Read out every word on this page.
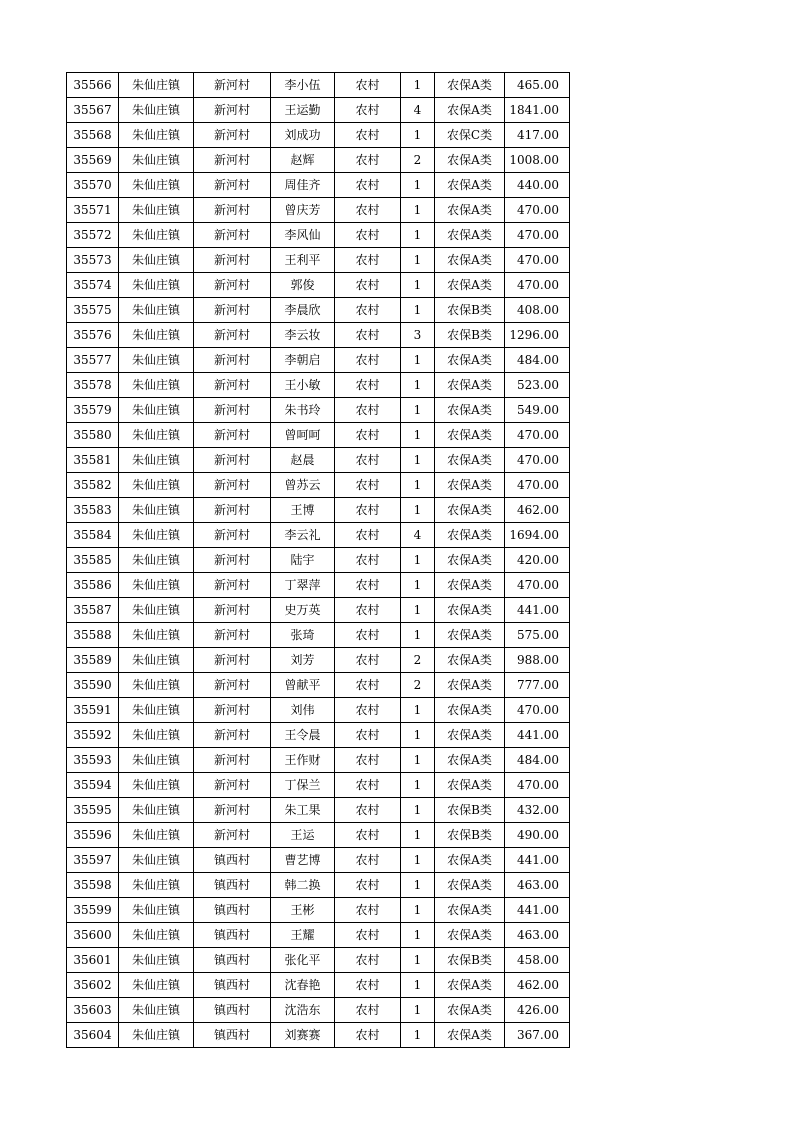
35566	朱仙庄镇	新河村	李小伍	农村	1	农保A类	465.00
35567	朱仙庄镇	新河村	王运勤	农村	4	农保A类	1841.00
35568	朱仙庄镇	新河村	刘成功	农村	1	农保C类	417.00
35569	朱仙庄镇	新河村	赵辉	农村	2	农保A类	1008.00
35570	朱仙庄镇	新河村	周佳齐	农村	1	农保A类	440.00
35571	朱仙庄镇	新河村	曾庆芳	农村	1	农保A类	470.00
35572	朱仙庄镇	新河村	李风仙	农村	1	农保A类	470.00
35573	朱仙庄镇	新河村	王利平	农村	1	农保A类	470.00
35574	朱仙庄镇	新河村	郭俊	农村	1	农保A类	470.00
35575	朱仙庄镇	新河村	李晨欣	农村	1	农保B类	408.00
35576	朱仙庄镇	新河村	李云妆	农村	3	农保B类	1296.00
35577	朱仙庄镇	新河村	李朝启	农村	1	农保A类	484.00
35578	朱仙庄镇	新河村	王小敏	农村	1	农保A类	523.00
35579	朱仙庄镇	新河村	朱书玲	农村	1	农保A类	549.00
35580	朱仙庄镇	新河村	曾呵呵	农村	1	农保A类	470.00
35581	朱仙庄镇	新河村	赵晨	农村	1	农保A类	470.00
35582	朱仙庄镇	新河村	曾苏云	农村	1	农保A类	470.00
35583	朱仙庄镇	新河村	王博	农村	1	农保A类	462.00
35584	朱仙庄镇	新河村	李云礼	农村	4	农保A类	1694.00
35585	朱仙庄镇	新河村	陆宇	农村	1	农保A类	420.00
35586	朱仙庄镇	新河村	丁翠萍	农村	1	农保A类	470.00
35587	朱仙庄镇	新河村	史万英	农村	1	农保A类	441.00
35588	朱仙庄镇	新河村	张琦	农村	1	农保A类	575.00
35589	朱仙庄镇	新河村	刘芳	农村	2	农保A类	988.00
35590	朱仙庄镇	新河村	曾献平	农村	2	农保A类	777.00
35591	朱仙庄镇	新河村	刘伟	农村	1	农保A类	470.00
35592	朱仙庄镇	新河村	王令晨	农村	1	农保A类	441.00
35593	朱仙庄镇	新河村	王作财	农村	1	农保A类	484.00
35594	朱仙庄镇	新河村	丁保兰	农村	1	农保A类	470.00
35595	朱仙庄镇	新河村	朱工果	农村	1	农保B类	432.00
35596	朱仙庄镇	新河村	王运	农村	1	农保B类	490.00
35597	朱仙庄镇	镇西村	曹艺博	农村	1	农保A类	441.00
35598	朱仙庄镇	镇西村	韩二换	农村	1	农保A类	463.00
35599	朱仙庄镇	镇西村	王彬	农村	1	农保A类	441.00
35600	朱仙庄镇	镇西村	王耀	农村	1	农保A类	463.00
35601	朱仙庄镇	镇西村	张化平	农村	1	农保B类	458.00
35602	朱仙庄镇	镇西村	沈春艳	农村	1	农保A类	462.00
35603	朱仙庄镇	镇西村	沈浩东	农村	1	农保A类	426.00
35604	朱仙庄镇	镇西村	刘赛赛	农村	1	农保A类	367.00
